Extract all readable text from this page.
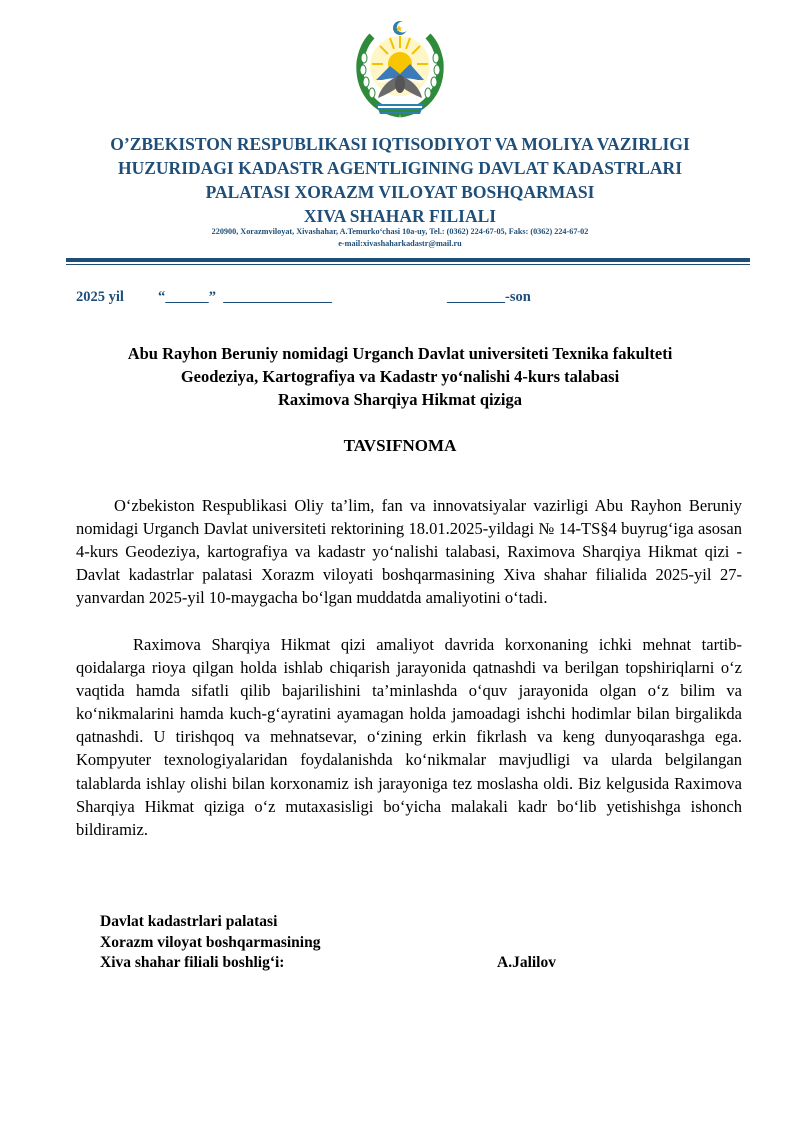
O’ZBEKISTON RESPUBLIKASI IQTISODIYOT VA MOLIYA VAZIRLIGI
HUZURIDAGI KADASTR AGENTLIGINING DAVLAT KADASTRLARI
PALATASI XORAZM VILOYAT BOSHQARMASI
XIVA SHAHAR FILIALI
220900, Xorazmviloyat, Xivashahar, A.Temurko‘chasi 10a-uy, Tel.: (0362) 224-67-05, Faks: (0362) 224-67-02
e-mail:xivashaharkadastr@mail.ru
2025 yil “ _____ ” _______________	________-son
Abu Rayhon Beruniy nomidagi Urganch Davlat universiteti Texnika fakulteti
Geodeziya, Kartografiya va Kadastr yo‘nalishi 4-kurs talabasi
Raximova Sharqiya Hikmat qiziga
TAVSIFNOMA
O‘zbekiston Respublikasi Oliy ta’lim, fan va innovatsiyalar vazirligi Abu Rayhon Beruniy nomidagi Urganch Davlat universiteti rektorining 18.01.2025-yildagi № 14-TS§4 buyrug‘iga asosan 4-kurs Geodeziya, kartografiya va kadastr yo‘nalishi talabasi, Raximova Sharqiya Hikmat qizi - Davlat kadastrlar palatasi Xorazm viloyati boshqarmasining Xiva shahar filialida 2025-yil 27-yanvardan 2025-yil 10-maygacha bo‘lgan muddatda amaliyotini o‘tadi.
Raximova Sharqiya Hikmat qizi amaliyot davrida korxonaning ichki mehnat tartib-qoidalarga rioya qilgan holda ishlab chiqarish jarayonida qatnashdi va berilgan topshiriqlarni o‘z vaqtida hamda sifatli qilib bajarilishini ta’minlashda o‘quv jarayonida olgan o‘z bilim va ko‘nikmalarini hamda kuch-g‘ayratini ayamagan holda jamoadagi ishchi hodimlar bilan birgalikda qatnashdi. U tirishqoq va mehnatsevar, o‘zining erkin fikrlash va keng dunyoqarashga ega. Kompyuter texnologiyalaridan foydalanishda ko‘nikmalar mavjudligi va ularda belgilangan talablarda ishlay olishi bilan korxonamiz ish jarayoniga tez moslasha oldi. Biz kelgusida Raximova Sharqiya Hikmat qiziga o‘z mutaxasisligi bo‘yicha malakali kadr bo‘lib yetishishga ishonch bildiramiz.
Davlat kadastrlari palatasi
Xorazm viloyat boshqarmasining
Xiva shahar filiali boshlig‘i:	A.Jalilov
